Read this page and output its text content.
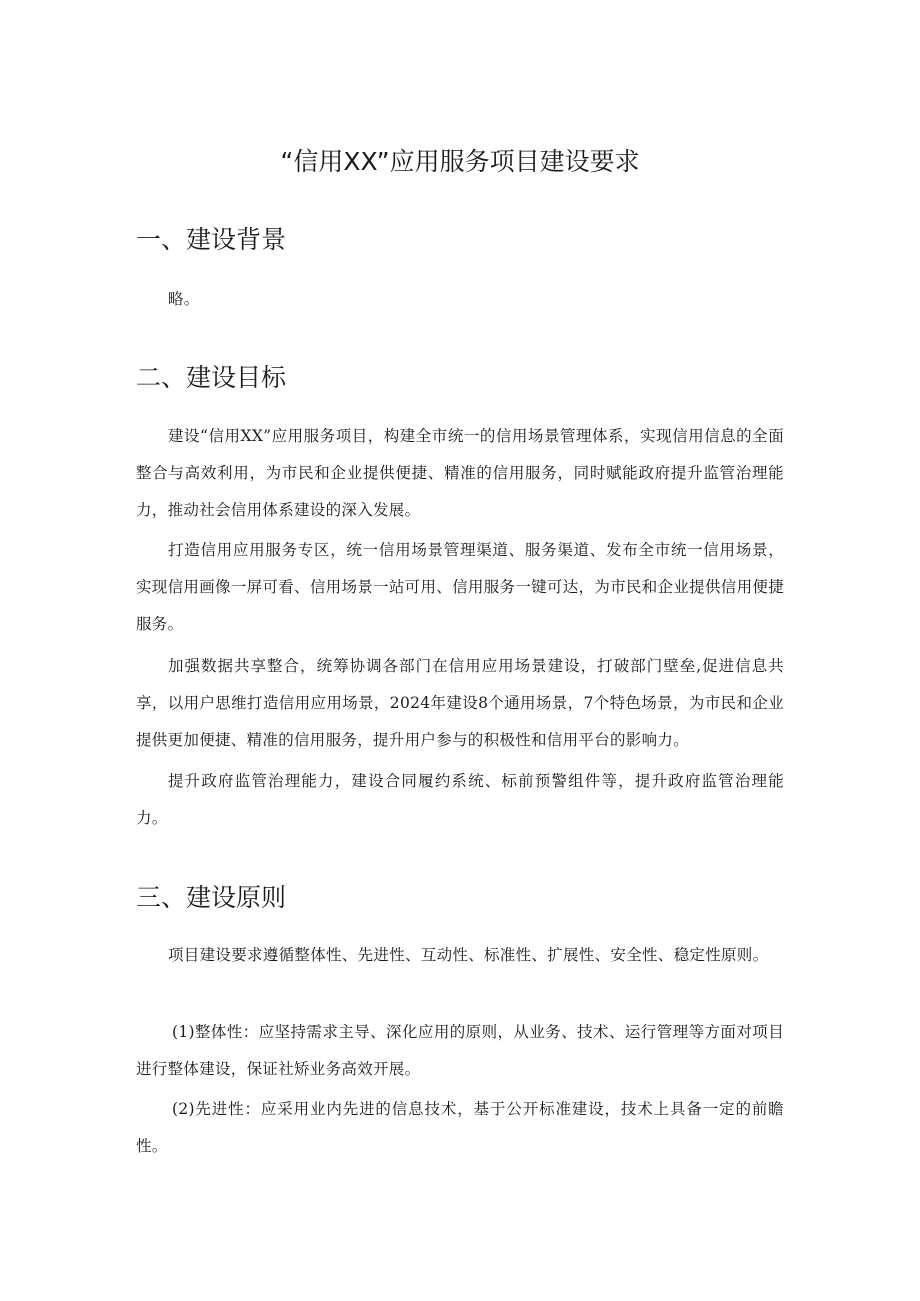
“信用XX”应用服务项目建设要求
一、建设背景

略。

二、建设目标

建设“信用XX”应用服务项目，构建全市统一的信用场景管理体系，实现信用信息的全面整合与高效利用，为市民和企业提供便捷、精准的信用服务，同时赋能政府提升监管治理能力，推动社会信用体系建设的深入发展。

打造信用应用服务专区，统一信用场景管理渠道、服务渠道、发布全市统一信用场景，实现信用画像一屏可看、信用场景一站可用、信用服务一键可达，为市民和企业提供信用便捷服务。

加强数据共享整合，统筹协调各部门在信用应用场景建设，打破部门壁垒,促进信息共享，以用户思维打造信用应用场景，2024年建设8个通用场景，7个特色场景，为市民和企业提供更加便捷、精准的信用服务，提升用户参与的积极性和信用平台的影响力。

提升政府监管治理能力，建设合同履约系统、标前预警组件等，提升政府监管治理能力。

三、建设原则

项目建设要求遵循整体性、先进性、互动性、标准性、扩展性、安全性、稳定性原则。

(1)整体性：应坚持需求主导、深化应用的原则，从业务、技术、运行管理等方面对项目进行整体建设，保证社矫业务高效开展。

(2)先进性：应采用业内先进的信息技术，基于公开标准建设，技术上具备一定的前瞻性。
